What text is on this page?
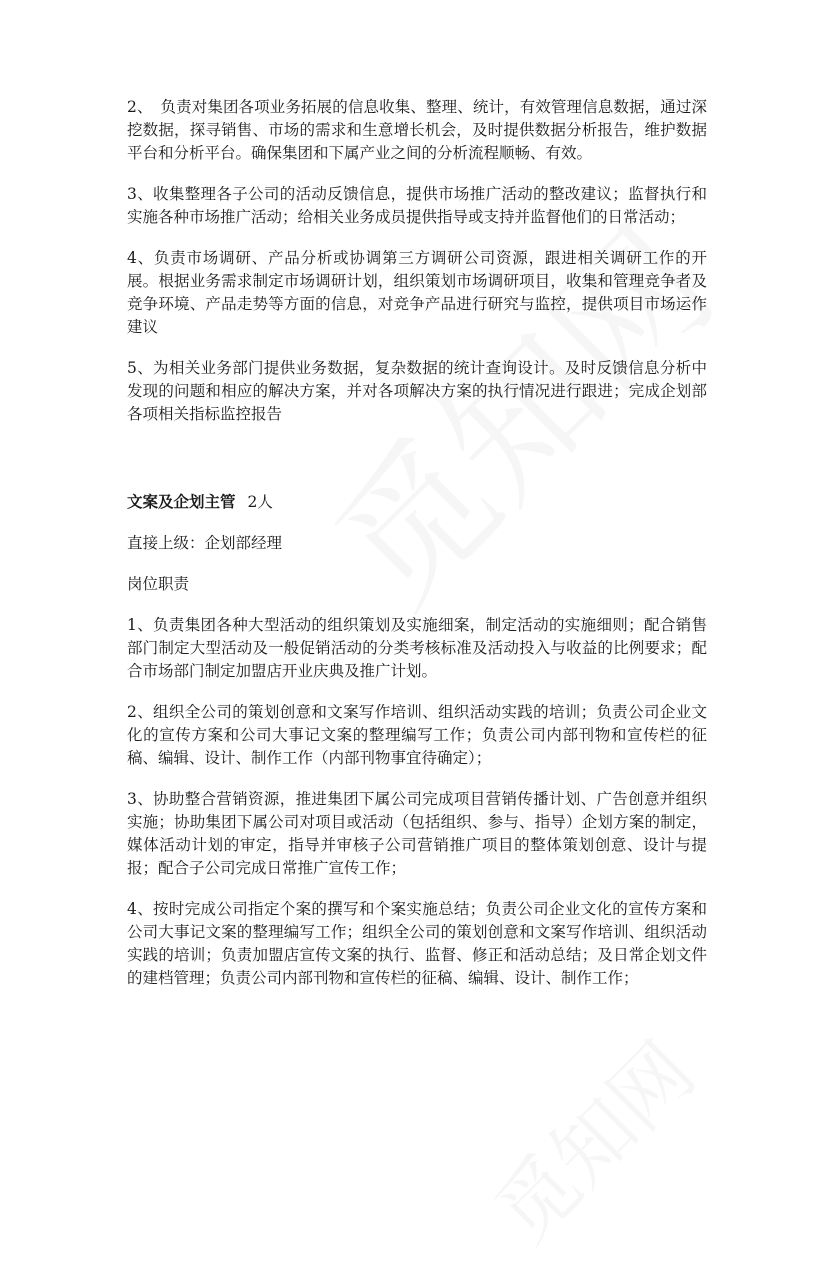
2、　负责对集团各项业务拓展的信息收集、整理、统计，有效管理信息数据，通过深挖数据，探寻销售、市场的需求和生意增长机会，及时提供数据分析报告，维护数据平台和分析平台。确保集团和下属产业之间的分析流程顺畅、有效。

3、收集整理各子公司的活动反馈信息，提供市场推广活动的整改建议；监督执行和实施各种市场推广活动；给相关业务成员提供指导或支持并监督他们的日常活动；

4、负责市场调研、产品分析或协调第三方调研公司资源，跟进相关调研工作的开展。根据业务需求制定市场调研计划，组织策划市场调研项目，收集和管理竞争者及竞争环境、产品走势等方面的信息，对竞争产品进行研究与监控，提供项目市场运作建议

5、为相关业务部门提供业务数据，复杂数据的统计查询设计。及时反馈信息分析中发现的问题和相应的解决方案，并对各项解决方案的执行情况进行跟进；完成企划部各项相关指标监控报告

文案及企划主管 2人

直接上级：企划部经理

岗位职责

1、负责集团各种大型活动的组织策划及实施细案，制定活动的实施细则；配合销售部门制定大型活动及一般促销活动的分类考核标准及活动投入与收益的比例要求；配合市场部门制定加盟店开业庆典及推广计划。

2、组织全公司的策划创意和文案写作培训、组织活动实践的培训；负责公司企业文化的宣传方案和公司大事记文案的整理编写工作；负责公司内部刊物和宣传栏的征稿、编辑、设计、制作工作（内部刊物事宜待确定）；

3、协助整合营销资源，推进集团下属公司完成项目营销传播计划、广告创意并组织实施；协助集团下属公司对项目或活动（包括组织、参与、指导）企划方案的制定，媒体活动计划的审定，指导并审核子公司营销推广项目的整体策划创意、设计与提报；配合子公司完成日常推广宣传工作；

4、按时完成公司指定个案的撰写和个案实施总结；负责公司企业文化的宣传方案和公司大事记文案的整理编写工作；组织全公司的策划创意和文案写作培训、组织活动实践的培训；负责加盟店宣传文案的执行、监督、修正和活动总结；及日常企划文件的建档管理；负责公司内部刊物和宣传栏的征稿、编辑、设计、制作工作；
